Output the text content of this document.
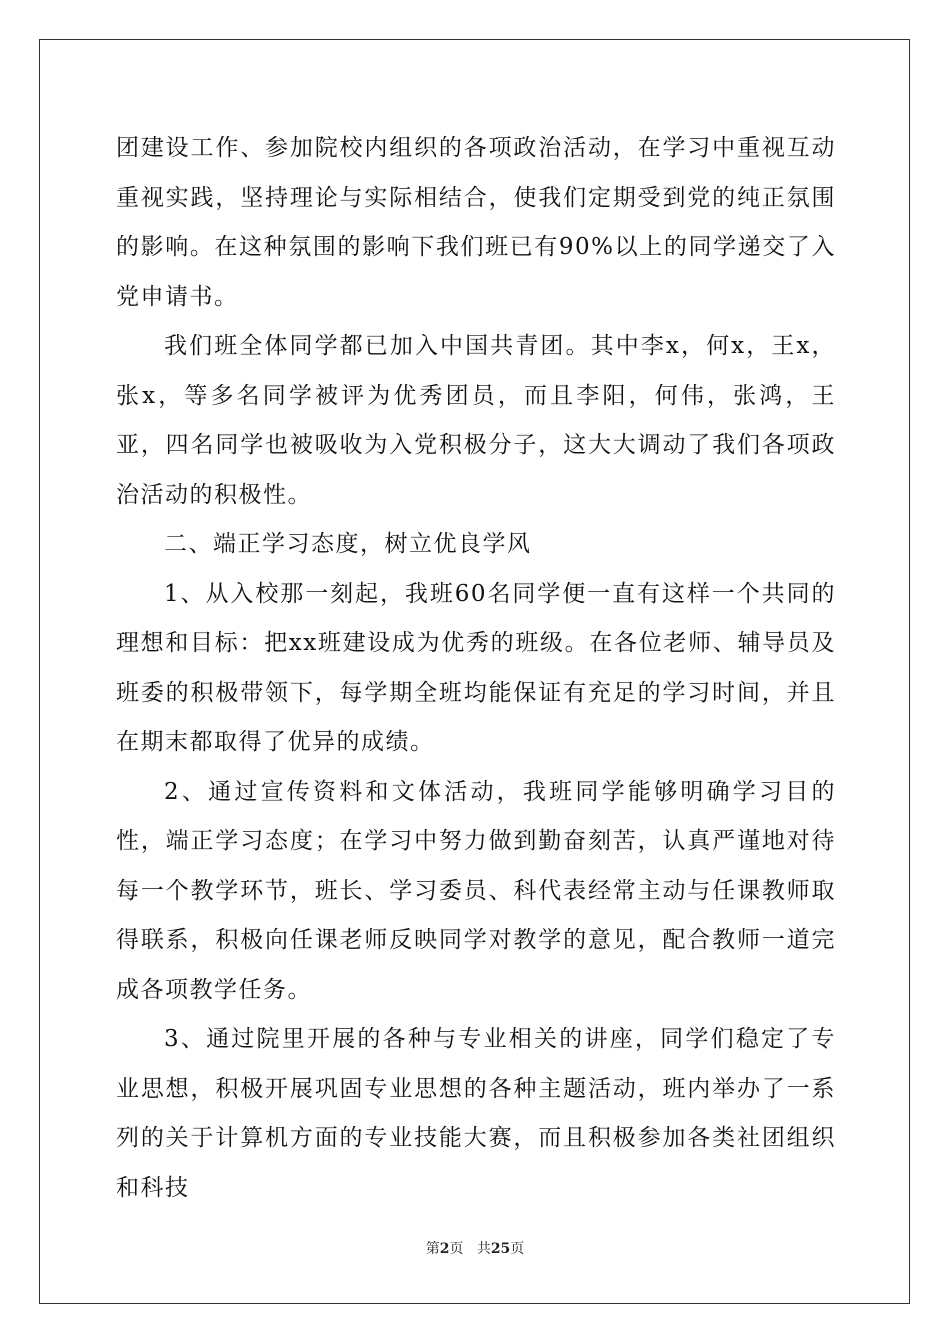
团建设工作、参加院校内组织的各项政治活动，在学习中重视互动重视实践，坚持理论与实际相结合，使我们定期受到党的纯正氛围的影响。在这种氛围的影响下我们班已有90%以上的同学递交了入党申请书。

我们班全体同学都已加入中国共青团。其中李x，何x，王x，张x，等多名同学被评为优秀团员，而且李阳，何伟，张鸿，王亚，四名同学也被吸收为入党积极分子，这大大调动了我们各项政治活动的积极性。

二、端正学习态度，树立优良学风

1、从入校那一刻起，我班60名同学便一直有这样一个共同的理想和目标：把xx班建设成为优秀的班级。在各位老师、辅导员及班委的积极带领下，每学期全班均能保证有充足的学习时间，并且在期末都取得了优异的成绩。

2、通过宣传资料和文体活动，我班同学能够明确学习目的性，端正学习态度；在学习中努力做到勤奋刻苦，认真严谨地对待每一个教学环节，班长、学习委员、科代表经常主动与任课教师取得联系，积极向任课老师反映同学对教学的意见，配合教师一道完成各项教学任务。

3、通过院里开展的各种与专业相关的讲座，同学们稳定了专业思想，积极开展巩固专业思想的各种主题活动，班内举办了一系列的关于计算机方面的专业技能大赛，而且积极参加各类社团组织和科技

第2页 共25页
